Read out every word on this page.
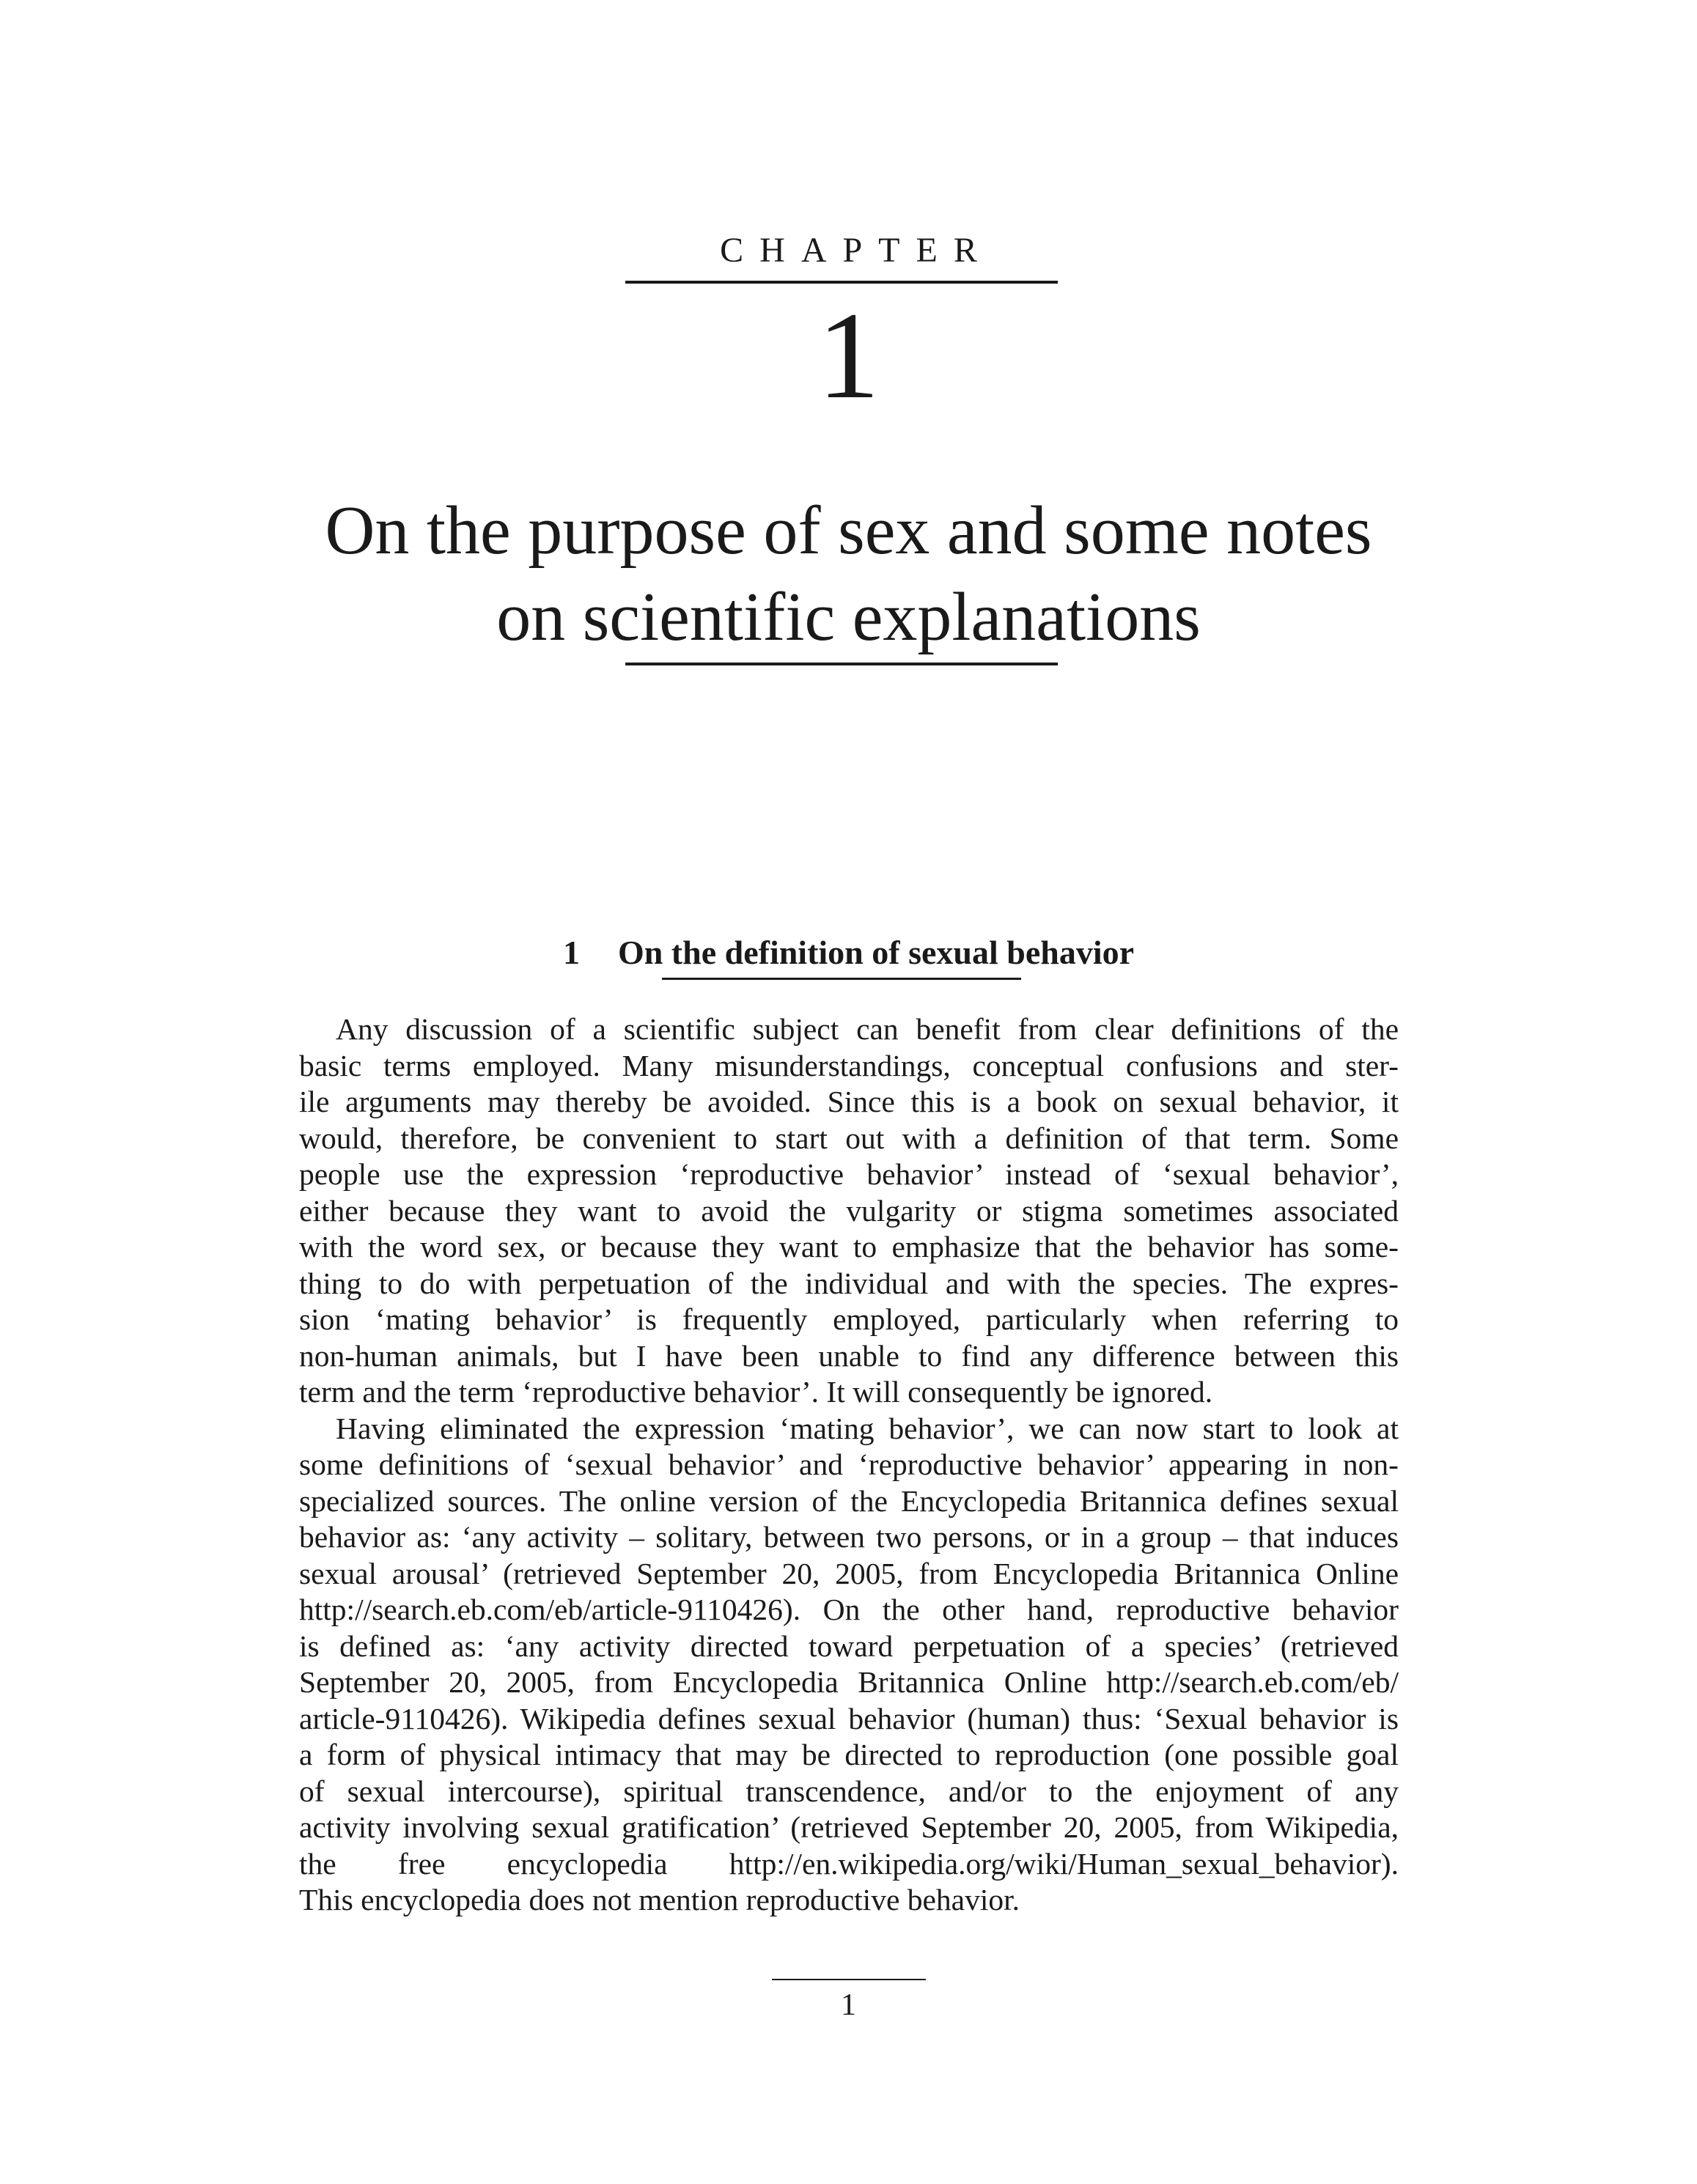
CHAPTER
1
On the purpose of sex and some notes
on scientific explanations
1 On the definition of sexual behavior
Any discussion of a scientific subject can benefit from clear definitions of the
basic terms employed. Many misunderstandings, conceptual confusions and ster-
ile arguments may thereby be avoided. Since this is a book on sexual behavior, it
would, therefore, be convenient to start out with a definition of that term. Some
people use the expression ‘reproductive behavior’ instead of ‘sexual behavior’,
either because they want to avoid the vulgarity or stigma sometimes associated
with the word sex, or because they want to emphasize that the behavior has some-
thing to do with perpetuation of the individual and with the species. The expres-
sion ‘mating behavior’ is frequently employed, particularly when referring to
non-human animals, but I have been unable to find any difference between this
term and the term ‘reproductive behavior’. It will consequently be ignored.
Having eliminated the expression ‘mating behavior’, we can now start to look at
some definitions of ‘sexual behavior’ and ‘reproductive behavior’ appearing in non-
specialized sources. The online version of the Encyclopedia Britannica defines sexual
behavior as: ‘any activity – solitary, between two persons, or in a group – that induces
sexual arousal’ (retrieved September 20, 2005, from Encyclopedia Britannica Online
http://search.eb.com/eb/article-9110426). On the other hand, reproductive behavior
is defined as: ‘any activity directed toward perpetuation of a species’ (retrieved
September 20, 2005, from Encyclopedia Britannica Online http://search.eb.com/eb/
article-9110426). Wikipedia defines sexual behavior (human) thus: ‘Sexual behavior is
a form of physical intimacy that may be directed to reproduction (one possible goal
of sexual intercourse), spiritual transcendence, and/or to the enjoyment of any
activity involving sexual gratification’ (retrieved September 20, 2005, from Wikipedia,
the free encyclopedia http://en.wikipedia.org/wiki/Human_sexual_behavior).
This encyclopedia does not mention reproductive behavior.
1
